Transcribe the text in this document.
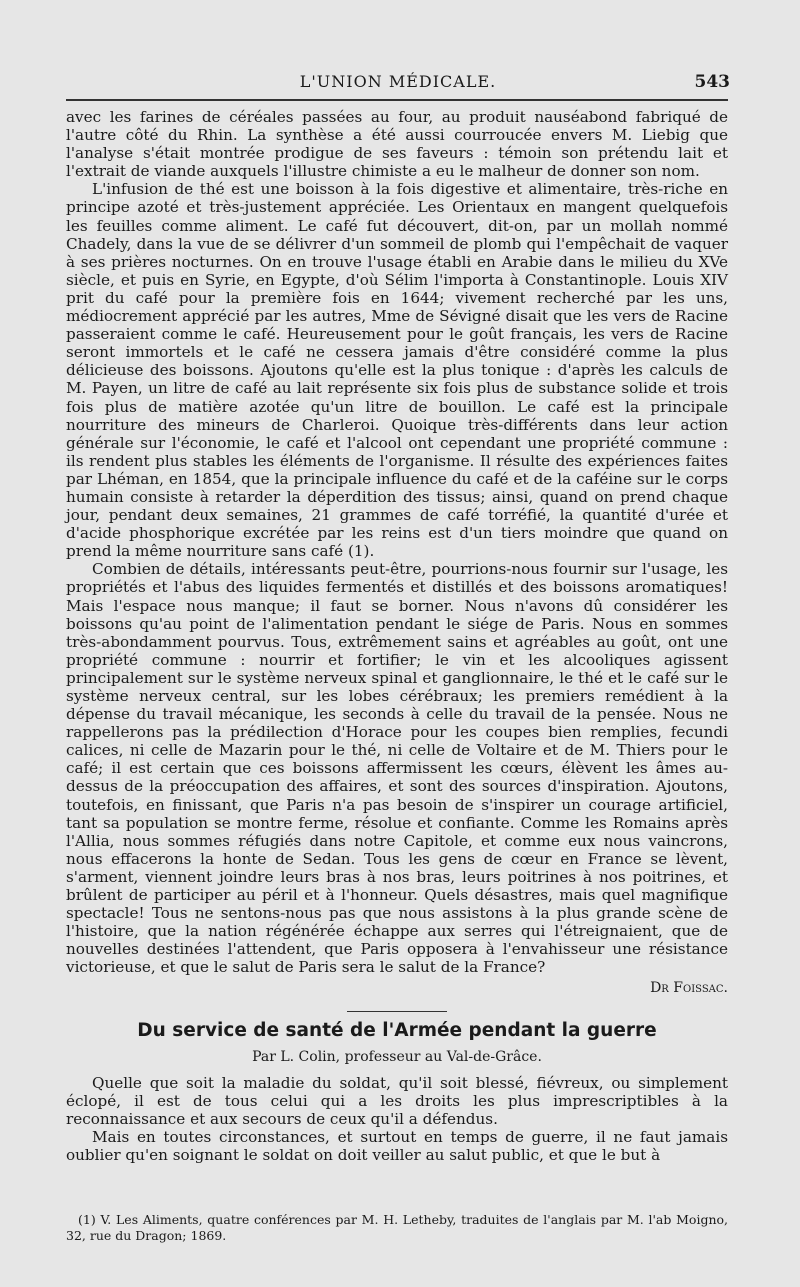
L'UNION MÉDICALE.	543

avec les farines de céréales passées au four, au produit nauséabond fabriqué de l'autre côté du Rhin. La synthèse a été aussi courroucée envers M. Liebig que l'analyse s'était montrée prodigue de ses faveurs : témoin son prétendu lait et l'extrait de viande auxquels l'illustre chimiste a eu le malheur de donner son nom.

L'infusion de thé est une boisson à la fois digestive et alimentaire, très-riche en principe azoté et très-justement appréciée. Les Orientaux en mangent quelquefois les feuilles comme aliment. Le café fut découvert, dit-on, par un mollah nommé Chadely, dans la vue de se délivrer d'un sommeil de plomb qui l'empêchait de vaquer à ses prières nocturnes. On en trouve l'usage établi en Arabie dans le milieu du XVe siècle, et puis en Syrie, en Egypte, d'où Sélim l'importa à Constantinople. Louis XIV prit du café pour la première fois en 1644; vivement recherché par les uns, médiocrement apprécié par les autres, Mme de Sévigné disait que les vers de Racine passeraient comme le café. Heureusement pour le goût français, les vers de Racine seront immortels et le café ne cessera jamais d'être considéré comme la plus délicieuse des boissons. Ajoutons qu'elle est la plus tonique : d'après les calculs de M. Payen, un litre de café au lait représente six fois plus de substance solide et trois fois plus de matière azotée qu'un litre de bouillon. Le café est la principale nourriture des mineurs de Charleroi. Quoique très-différents dans leur action générale sur l'économie, le café et l'alcool ont cependant une propriété commune : ils rendent plus stables les éléments de l'organisme. Il résulte des expériences faites par Lhéman, en 1854, que la principale influence du café et de la caféine sur le corps humain consiste à retarder la déperdition des tissus; ainsi, quand on prend chaque jour, pendant deux semaines, 21 grammes de café torréfié, la quantité d'urée et d'acide phosphorique excrétée par les reins est d'un tiers moindre que quand on prend la même nourriture sans café (1).

Combien de détails, intéressants peut-être, pourrions-nous fournir sur l'usage, les propriétés et l'abus des liquides fermentés et distillés et des boissons aromatiques! Mais l'espace nous manque; il faut se borner. Nous n'avons dû considérer les boissons qu'au point de l'alimentation pendant le siége de Paris. Nous en sommes très-abondamment pourvus. Tous, extrêmement sains et agréables au goût, ont une propriété commune : nourrir et fortifier; le vin et les alcooliques agissent principalement sur le système nerveux spinal et ganglionnaire, le thé et le café sur le système nerveux central, sur les lobes cérébraux; les premiers remédient à la dépense du travail mécanique, les seconds à celle du travail de la pensée. Nous ne rappellerons pas la prédilection d'Horace pour les coupes bien remplies, fecundi calices, ni celle de Mazarin pour le thé, ni celle de Voltaire et de M. Thiers pour le café; il est certain que ces boissons affermissent les cœurs, élèvent les âmes au-dessus de la préoccupation des affaires, et sont des sources d'inspiration. Ajoutons, toutefois, en finissant, que Paris n'a pas besoin de s'inspirer un courage artificiel, tant sa population se montre ferme, résolue et confiante. Comme les Romains après l'Allia, nous sommes réfugiés dans notre Capitole, et comme eux nous vaincrons, nous effacerons la honte de Sedan. Tous les gens de cœur en France se lèvent, s'arment, viennent joindre leurs bras à nos bras, leurs poitrines à nos poitrines, et brûlent de participer au péril et à l'honneur. Quels désastres, mais quel magnifique spectacle! Tous ne sentons-nous pas que nous assistons à la plus grande scène de l'histoire, que la nation régénérée échappe aux serres qui l'étreignaient, que de nouvelles destinées l'attendent, que Paris opposera à l'envahisseur une résistance victorieuse, et que le salut de Paris sera le salut de la France?

Dr Foissac.
Du service de santé de l'Armée pendant la guerre
Par L. Colin, professeur au Val-de-Grâce.

Quelle que soit la maladie du soldat, qu'il soit blessé, fiévreux, ou simplement éclopé, il est de tous celui qui a les droits les plus imprescriptibles à la reconnaissance et aux secours de ceux qu'il a défendus.

Mais en toutes circonstances, et surtout en temps de guerre, il ne faut jamais oublier qu'en soignant le soldat on doit veiller au salut public, et que le but à

(1) V. Les Aliments, quatre conférences par M. H. Letheby, traduites de l'anglais par M. l'ab Moigno, 32, rue du Dragon; 1869.
